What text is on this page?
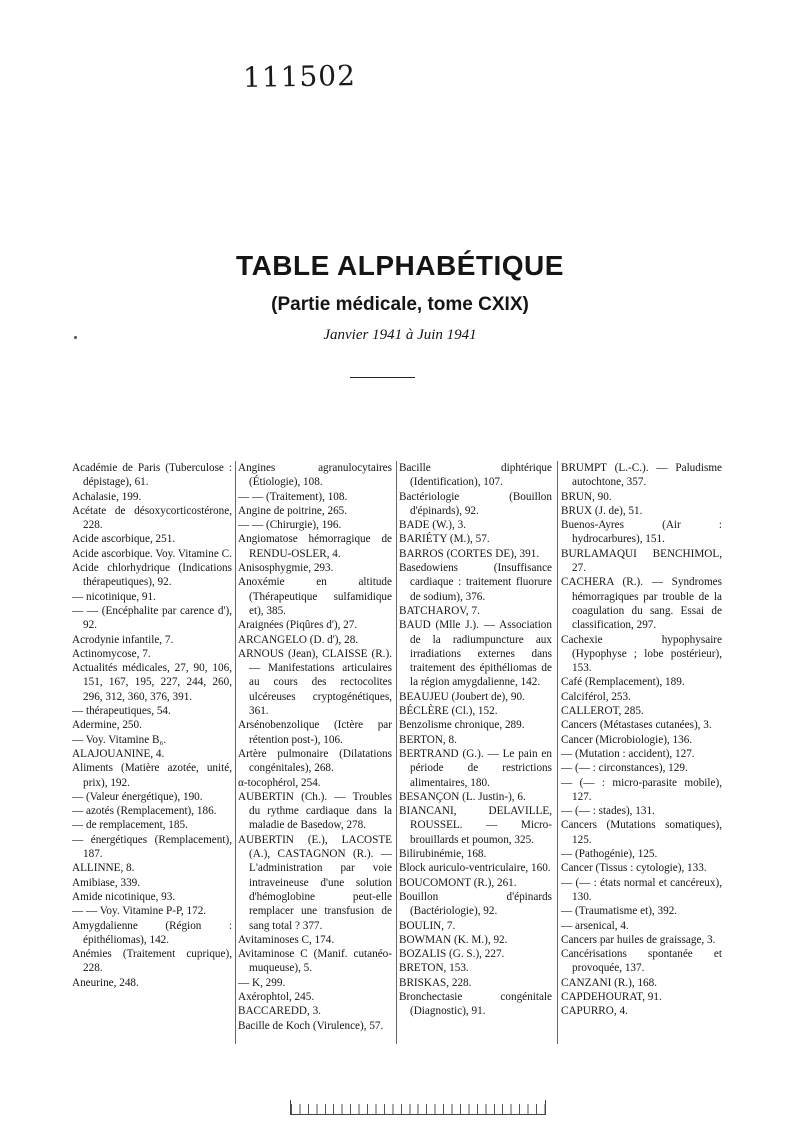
111502
TABLE ALPHABÉTIQUE
(Partie médicale, tome CXIX)
Janvier 1941 à Juin 1941

Académie de Paris (Tuberculose : dépistage), 61.

Achalasie, 199.

Acétate de désoxycorticostérone, 228.

Acide ascorbique, 251.

Acide ascorbique. Voy. Vitamine C.

Acide chlorhydrique (Indications thérapeutiques), 92.

— nicotinique, 91.

— — (Encéphalite par carence d'), 92.

Acrodynie infantile, 7.

Actinomycose, 7.

Actualités médicales, 27, 90, 106, 151, 167, 195, 227, 244, 260, 296, 312, 360, 376, 391.

— thérapeutiques, 54.

Adermine, 250.

— Voy. Vitamine B₆.

ALAJOUANINE, 4.

Aliments (Matière azotée, unité, prix), 192.

— (Valeur énergétique), 190.

— azotés (Remplacement), 186.

— de remplacement, 185.

— énergétiques (Remplacement), 187.

ALLINNE, 8.

Amibiase, 339.

Amide nicotinique, 93.

— — Voy. Vitamine P-P, 172.

Amygdalienne (Région : épithéliomas), 142.

Anémies (Traitement cuprique), 228.

Aneurine, 248.

Angines agranulocytaires (Étiologie), 108.

— — (Traitement), 108.

Angine de poitrine, 265.

— — (Chirurgie), 196.

Angiomatose hémorragique de RENDU-OSLER, 4.

Anisosphygmie, 293.

Anoxémie en altitude (Thérapeutique sulfamidique et), 385.

Araignées (Piqûres d'), 27.

ARCANGELO (D. d'), 28.

ARNOUS (Jean), CLAISSE (R.). — Manifestations articulaires au cours des rectocolites ulcéreuses cryptogénétiques, 361.

Arsénobenzolique (Ictère par rétention post-), 106.

Artère pulmonaire (Dilatations congénitales), 268.

α-tocophérol, 254.

AUBERTIN (Ch.). — Troubles du rythme cardiaque dans la maladie de Basedow, 278.

AUBERTIN (E.), LACOSTE (A.), CASTAGNON (R.). — L'administration par voie intraveineuse d'une solution d'hémoglobine peut-elle remplacer une transfusion de sang total ? 377.

Avitaminoses C, 174.

Avitaminose C (Manif. cutanéo-muqueuse), 5.

— K, 299.

Axérophtol, 245.

BACCAREDD, 3.

Bacille de Koch (Virulence), 57.

Bacille diphtérique (Identification), 107.

Bactériologie (Bouillon d'épinards), 92.

BADE (W.), 3.

BARIÉTY (M.), 57.

BARROS (CORTES DE), 391.

Basedowiens (Insuffisance cardiaque : traitement fluorure de sodium), 376.

BATCHAROV, 7.

BAUD (Mlle J.). — Association de la radiumpuncture aux irradiations externes dans traitement des épithéliomas de la région amygdalienne, 142.

BEAUJEU (Joubert de), 90.

BÉCLÈRE (Cl.), 152.

Benzolisme chronique, 289.

BERTON, 8.

BERTRAND (G.). — Le pain en période de restrictions alimentaires, 180.

BESANÇON (L. Justin-), 6.

BIANCANI, DELAVILLE, ROUSSEL. — Micro-brouillards et poumon, 325.

Bilirubinémie, 168.

Block auriculo-ventriculaire, 160.

BOUCOMONT (R.), 261.

Bouillon d'épinards (Bactériologie), 92.

BOULIN, 7.

BOWMAN (K. M.), 92.

BOZALIS (G. S.), 227.

BRETON, 153.

BRISKAS, 228.

Bronchectasie congénitale (Diagnostic), 91.

BRUMPT (L.-C.). — Paludisme autochtone, 357.

BRUN, 90.

BRUX (J. de), 51.

Buenos-Ayres (Air : hydrocarbures), 151.

BURLAMAQUI BENCHIMOL, 27.

CACHERA (R.). — Syndromes hémorragiques par trouble de la coagulation du sang. Essai de classification, 297.

Cachexie hypophysaire (Hypophyse ; lobe postérieur), 153.

Café (Remplacement), 189.

Calciférol, 253.

CALLEROT, 285.

Cancers (Métastases cutanées), 3.

Cancer (Microbiologie), 136.

— (Mutation : accident), 127.

— (— : circonstances), 129.

— (— : micro-parasite mobile), 127.

— (— : stades), 131.

Cancers (Mutations somatiques), 125.

— (Pathogénie), 125.

Cancer (Tissus : cytologie), 133.

— (— : états normal et cancéreux), 130.

— (Traumatisme et), 392.

— arsenical, 4.

Cancers par huiles de graissage, 3.

Cancérisations spontanée et provoquée, 137.

CANZANI (R.), 168.

CAPDEHOURAT, 91.

CAPURRO, 4.
